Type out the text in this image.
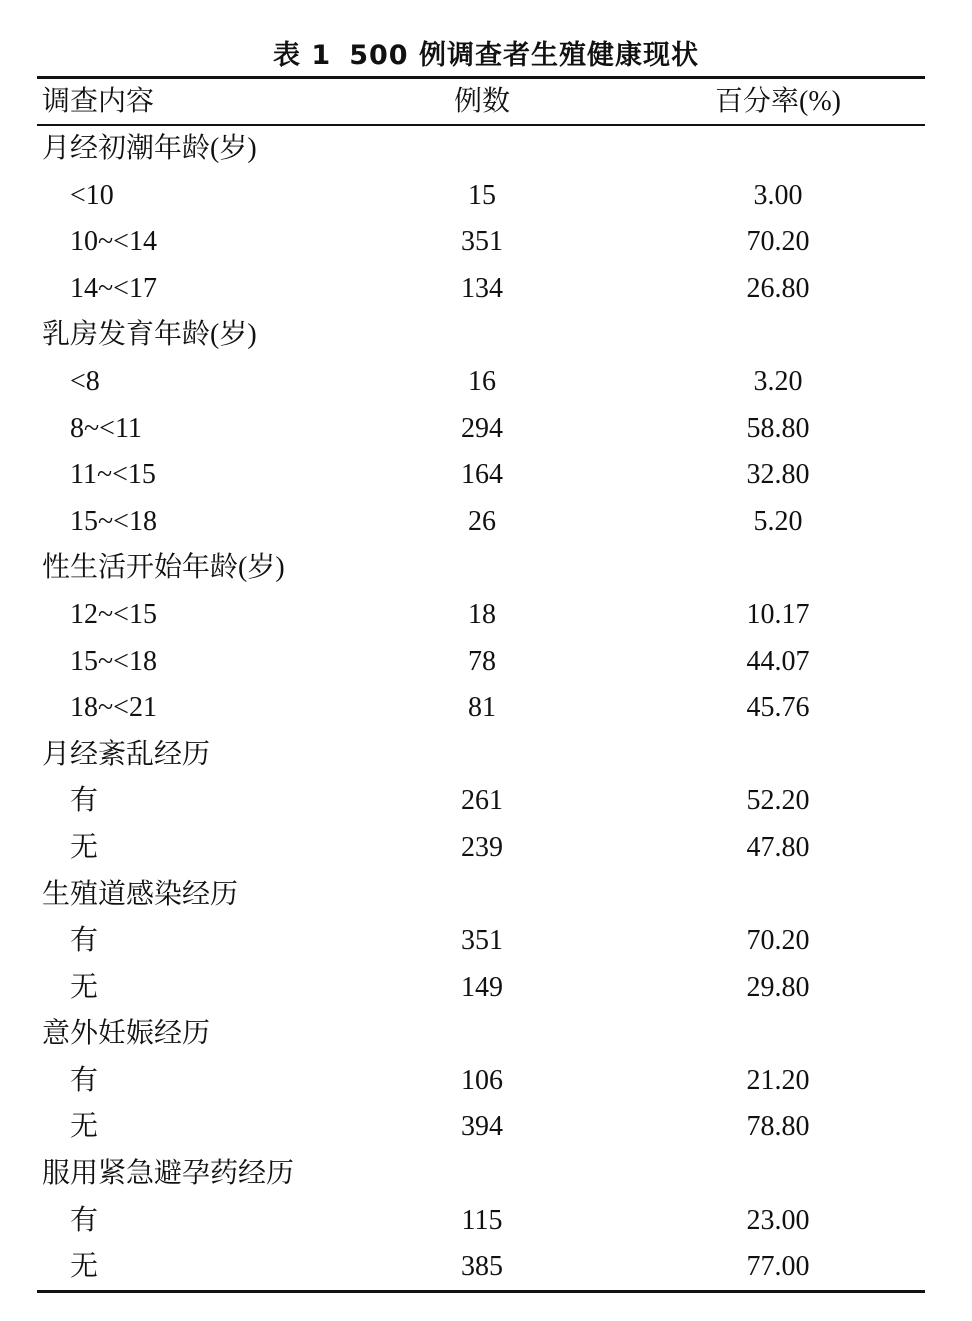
表 1 500 例调查者生殖健康现状
调查内容	例数	百分率(%)
月经初潮年龄(岁)
<10	15	3.00
10~<14	351	70.20
14~<17	134	26.80
乳房发育年龄(岁)
<8	16	3.20
8~<11	294	58.80
11~<15	164	32.80
15~<18	26	5.20
性生活开始年龄(岁)
12~<15	18	10.17
15~<18	78	44.07
18~<21	81	45.76
月经紊乱经历
有	261	52.20
无	239	47.80
生殖道感染经历
有	351	70.20
无	149	29.80
意外妊娠经历
有	106	21.20
无	394	78.80
服用紧急避孕药经历
有	115	23.00
无	385	77.00
